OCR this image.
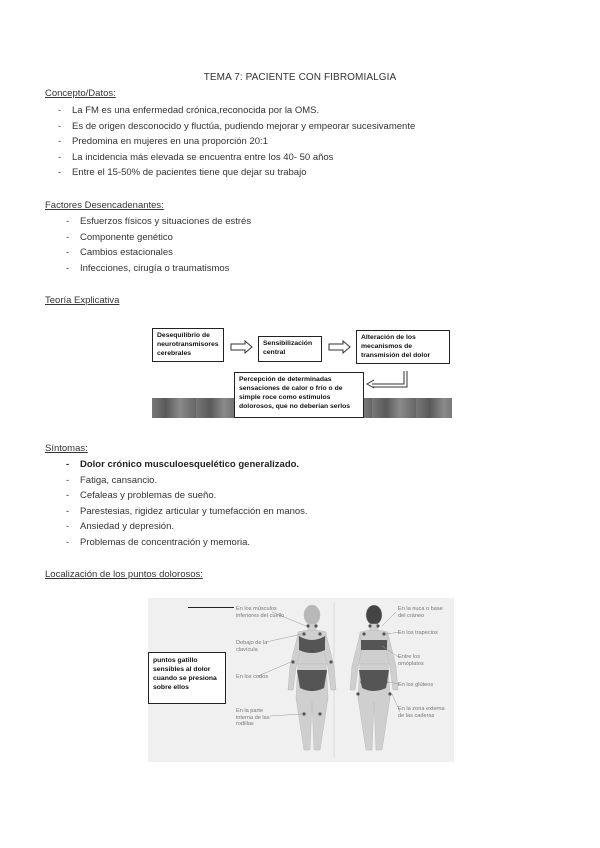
TEMA 7: PACIENTE CON FIBROMIALGIA
Concepto/Datos:
- La FM es una enfermedad crónica,reconocida por la OMS.
- Es de origen desconocido y fluctúa, pudiendo mejorar y empeorar sucesivamente
- Predomina en mujeres en una proporción 20:1
- La incidencia más elevada se encuentra entre los 40- 50 años
- Entre el 15-50% de pacientes tiene que dejar su trabajo
Factores Desencadenantes:
- Esfuerzos físicos y situaciones de estrés
- Componente genético
- Cambios estacionales
- Infecciones, cirugía o traumatismos
Teoría Explicativa
Desequilibrio de neurotransmisores cerebrales
Sensibilización central
Alteración de los mecanismos de transmisión del dolor
Percepción de determinadas sensaciones de calor o frío o de simple roce como estímulos dolorosos, que no deberían serlos
Síntomas:
- Dolor crónico musculoesquelético generalizado.
- Fatiga, cansancio.
- Cefaleas y problemas de sueño.
- Parestesias, rigidez articular y tumefacción en manos.
- Ansiedad y depresión.
- Problemas de concentración y memoria.
Localización de los puntos dolorosos:
En los músculos inferiores del cuello
Debajo de la clavícula
En los codos
En la parte interna de las rodillas
En la nuca o base del cráneo
En los trapecios
Entre los omóplatos
En los glúteos
En la zona externa de las caderas
puntos gatillo sensibles al dolor cuando se presiona sobre ellos
